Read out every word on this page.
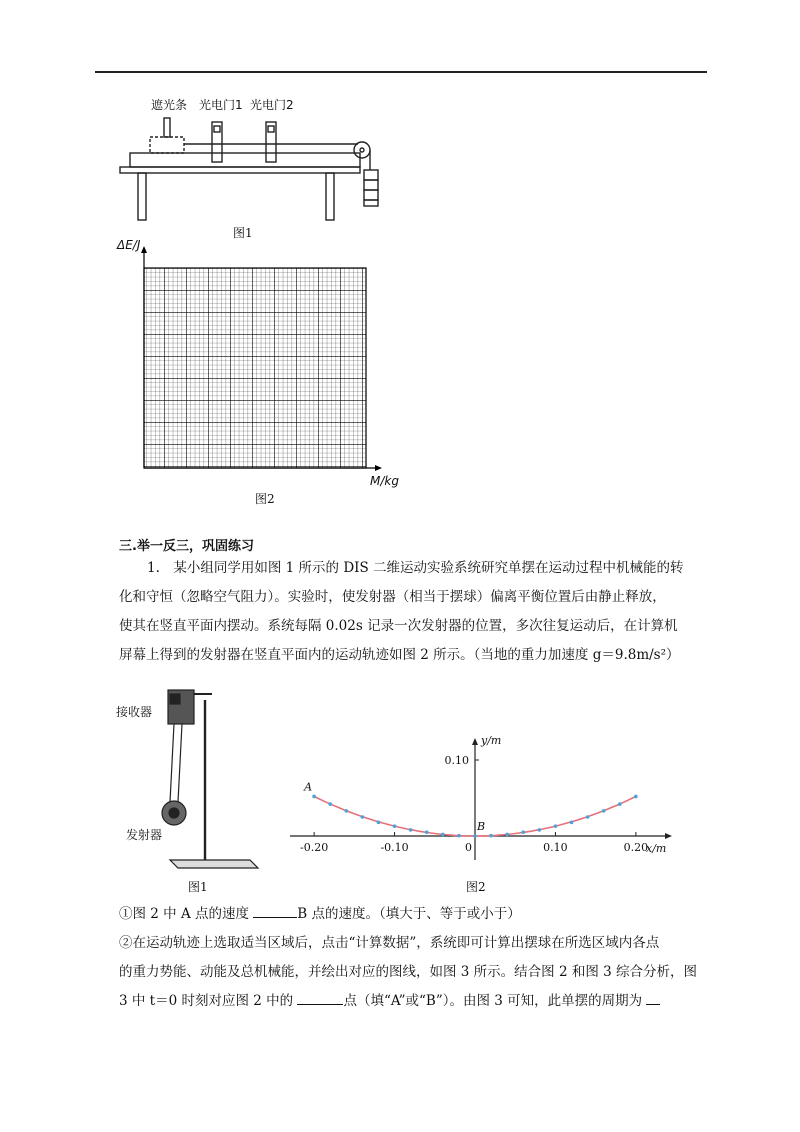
遮光条 光电门1 光电门2
图1
ΔE/J
M/kg
图2
三.举一反三，巩固练习

1.　某小组同学用如图 1 所示的 DIS 二维运动实验系统研究单摆在运动过程中机械能的转

化和守恒（忽略空气阻力）。实验时，使发射器（相当于摆球）偏离平衡位置后由静止释放，

使其在竖直平面内摆动。系统每隔 0.02s 记录一次发射器的位置，多次往复运动后，在计算机

屏幕上得到的发射器在竖直平面内的运动轨迹如图 2 所示。（当地的重力加速度 g＝9.8m/s²）

接收器
发射器
图1
-0.20	-0.10	0.10	0.20
0
0.10
y/m
x/m
A
B
图2

①图 2 中 A 点的速度	B 点的速度。（填大于、等于或小于）

②在运动轨迹上选取适当区域后，点击“计算数据”，系统即可计算出摆球在所选区域内各点

的重力势能、动能及总机械能，并绘出对应的图线，如图 3 所示。结合图 2 和图 3 综合分析，图

3 中 t＝0 时刻对应图 2 中的	点（填“A”或“B”）。由图 3 可知，此单摆的周期为
